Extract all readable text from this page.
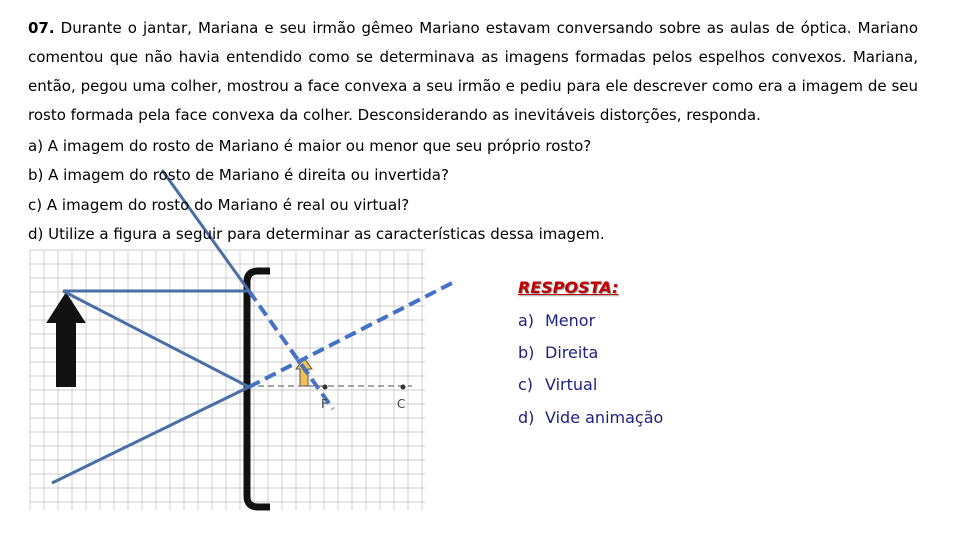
F	C

07. Durante o jantar, Mariana e seu irmão gêmeo Mariano estavam conversando sobre as aulas de óptica. Mariano comentou que não havia entendido como se determinava as imagens formadas pelos espelhos convexos. Mariana, então, pegou uma colher, mostrou a face convexa a seu irmão e pediu para ele descrever como era a imagem de seu rosto formada pela face convexa da colher. Desconsiderando as inevitáveis distorções, responda.

a) A imagem do rosto de Mariano é maior ou menor que seu próprio rosto?

b) A imagem do rosto de Mariano é direita ou invertida?

c) A imagem do rosto do Mariano é real ou virtual?

d) Utilize a figura a seguir para determinar as características dessa imagem.

RESPOSTA:
a) Menor
b) Direita
c) Virtual
d) Vide animação
